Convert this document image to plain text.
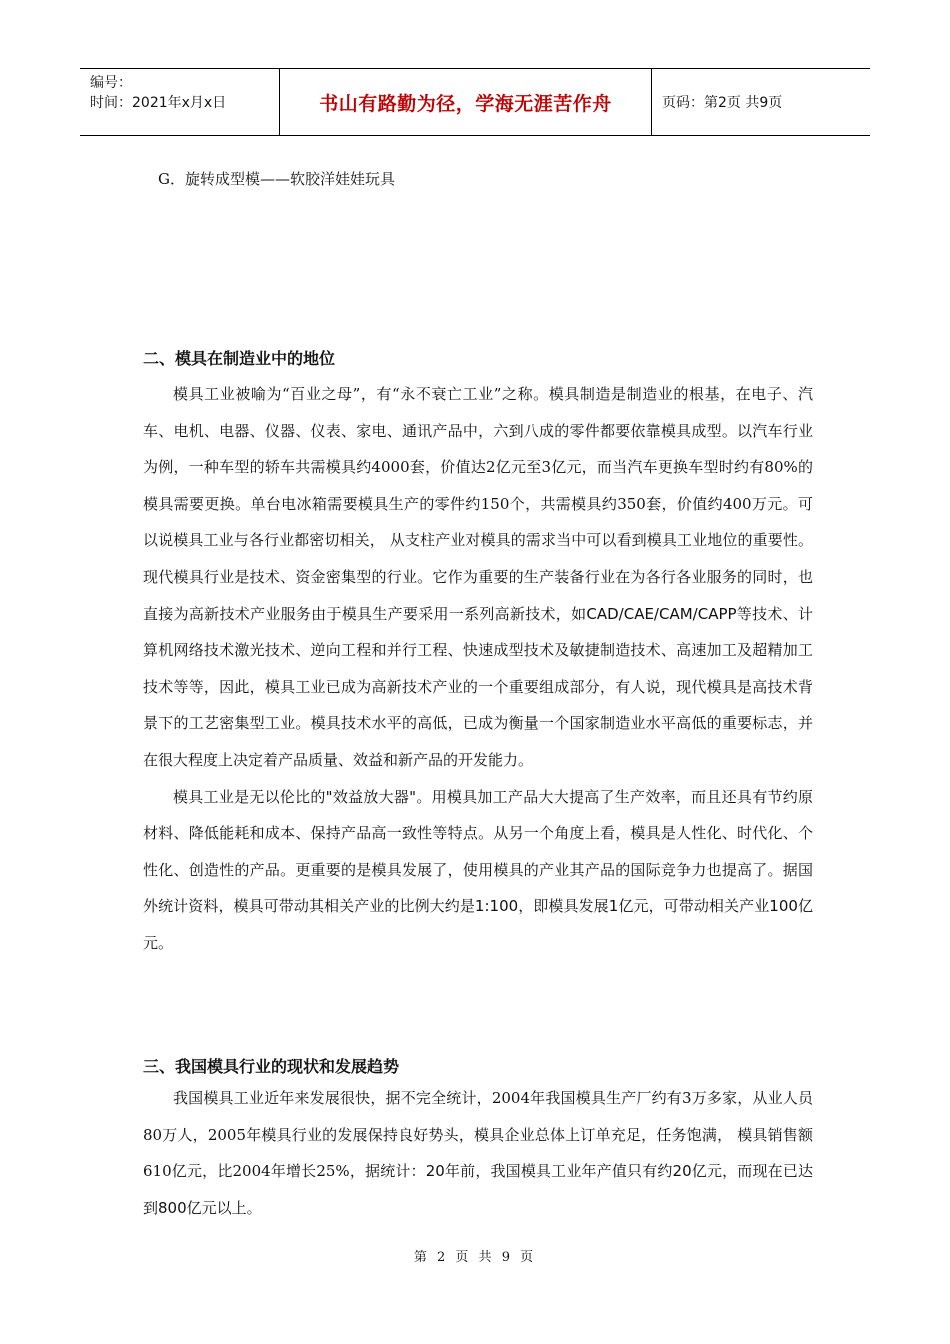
编号：
时间：2021年x月x日	书山有路勤为径，学海无涯苦作舟	页码：第2页 共9页
G．旋转成型模——软胶洋娃娃玩具
二、模具在制造业中的地位

模具工业被喻为“百业之母”，有“永不衰亡工业”之称。模具制造是制造业的根基，在电子、汽车、电机、电器、仪器、仪表、家电、通讯产品中，六到八成的零件都要依靠模具成型。以汽车行业为例，一种车型的轿车共需模具约4000套，价值达2亿元至3亿元，而当汽车更换车型时约有80%的模具需要更换。单台电冰箱需要模具生产的零件约150个，共需模具约350套，价值约400万元。可以说模具工业与各行业都密切相关， 从支柱产业对模具的需求当中可以看到模具工业地位的重要性。现代模具行业是技术、资金密集型的行业。它作为重要的生产装备行业在为各行各业服务的同时，也直接为高新技术产业服务由于模具生产要采用一系列高新技术，如CAD/CAE/CAM/CAPP等技术、计算机网络技术激光技术、逆向工程和并行工程、快速成型技术及敏捷制造技术、高速加工及超精加工技术等等，因此，模具工业已成为高新技术产业的一个重要组成部分，有人说，现代模具是高技术背景下的工艺密集型工业。模具技术水平的高低，已成为衡量一个国家制造业水平高低的重要标志，并在很大程度上决定着产品质量、效益和新产品的开发能力。

模具工业是无以伦比的"效益放大器"。用模具加工产品大大提高了生产效率，而且还具有节约原材料、降低能耗和成本、保持产品高一致性等特点。从另一个角度上看，模具是人性化、时代化、个性化、创造性的产品。更重要的是模具发展了，使用模具的产业其产品的国际竞争力也提高了。据国外统计资料，模具可带动其相关产业的比例大约是1:100，即模具发展1亿元，可带动相关产业100亿元。

三、我国模具行业的现状和发展趋势

我国模具工业近年来发展很快，据不完全统计，2004年我国模具生产厂约有3万多家，从业人员80万人，2005年模具行业的发展保持良好势头，模具企业总体上订单充足，任务饱满， 模具销售额610亿元，比2004年增长25%，据统计：20年前，我国模具工业年产值只有约20亿元，而现在已达到800亿元以上。

第 2 页 共 9 页
